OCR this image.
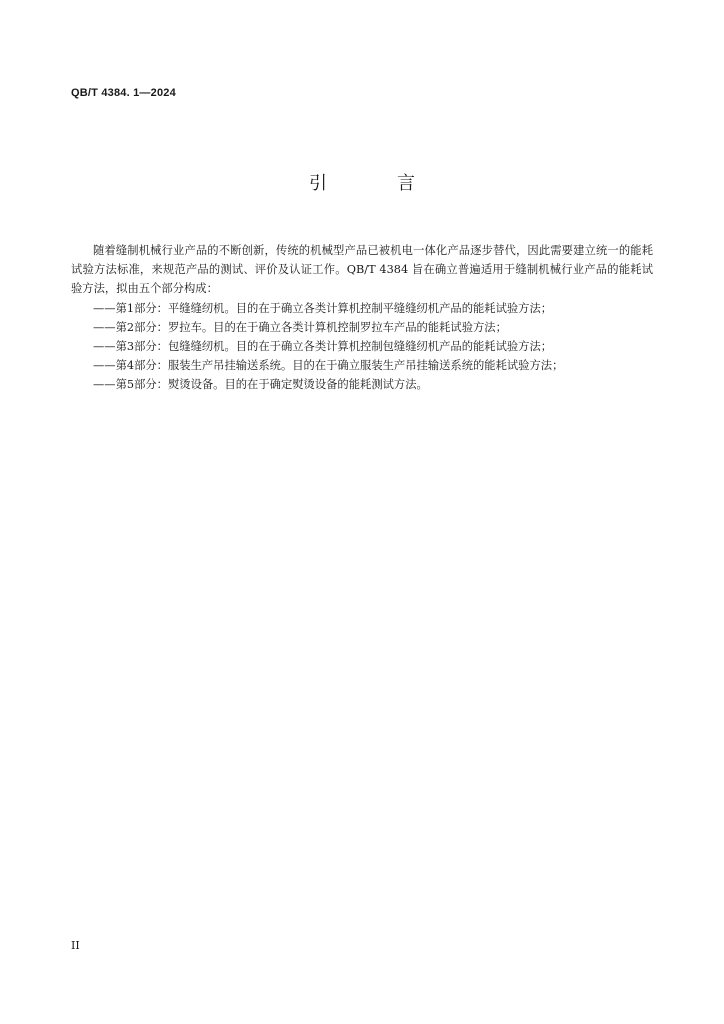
QB/T 4384. 1—2024
引　言

随着缝制机械行业产品的不断创新，传统的机械型产品已被机电一体化产品逐步替代，因此需要建立统一的能耗试验方法标准，来规范产品的测试、评价及认证工作。QB/T 4384 旨在确立普遍适用于缝制机械行业产品的能耗试验方法，拟由五个部分构成：

——第1部分：平缝缝纫机。目的在于确立各类计算机控制平缝缝纫机产品的能耗试验方法；
——第2部分：罗拉车。目的在于确立各类计算机控制罗拉车产品的能耗试验方法；
——第3部分：包缝缝纫机。目的在于确立各类计算机控制包缝缝纫机产品的能耗试验方法；
——第4部分：服装生产吊挂输送系统。目的在于确立服装生产吊挂输送系统的能耗试验方法；
——第5部分：熨烫设备。目的在于确定熨烫设备的能耗测试方法。
II
